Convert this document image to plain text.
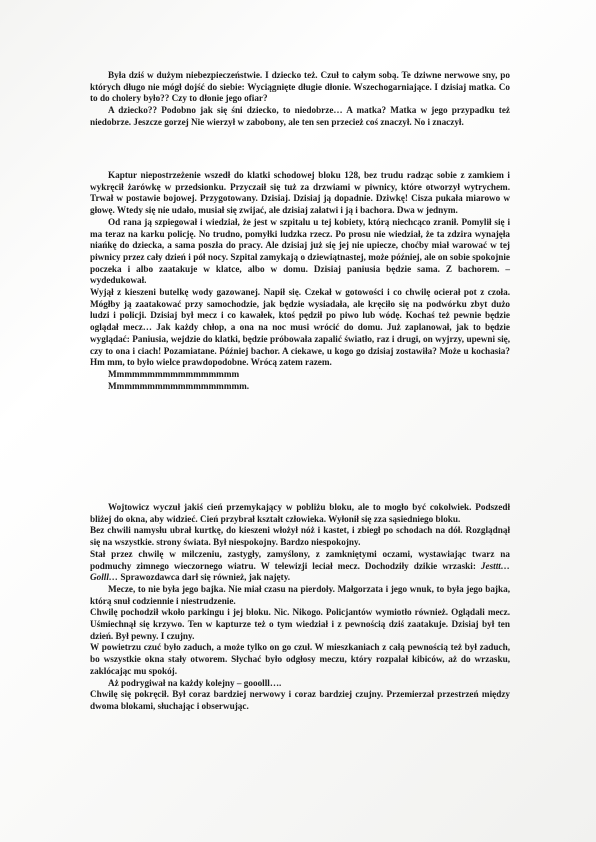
Była dziś w dużym niebezpieczeństwie. I dziecko też. Czuł to całym sobą. Te dziwne nerwowe sny, po których długo nie mógł dojść do siebie: Wyciągnięte długie dłonie. Wszechogarniające. I dzisiaj matka. Co to do cholery było?? Czy to dłonie jego ofiar?

A dziecko?? Podobno jak się śni dziecko, to niedobrze… A matka? Matka w jego przypadku też niedobrze. Jeszcze gorzej Nie wierzył w zabobony, ale ten sen przecież coś znaczył. No i znaczył.

Kaptur niepostrzeżenie wszedł do klatki schodowej bloku 128, bez trudu radząc sobie z zamkiem i wykręcił żarówkę w przedsionku. Przyczaił się tuż za drzwiami w piwnicy, które otworzył wytrychem. Trwał w postawie bojowej. Przygotowany. Dzisiaj. Dzisiaj ją dopadnie. Dziwkę! Cisza pukała miarowo w głowę. Wtedy się nie udało, musiał się zwijać, ale dzisiaj załatwi i ją i bachora. Dwa w jednym.

Od rana ją szpiegował i wiedział, że jest w szpitalu u tej kobiety, którą niechcąco zranił. Pomylił się i ma teraz na karku policję. No trudno, pomyłki ludzka rzecz. Po prosu nie wiedział, że ta zdzira wynajęła niańkę do dziecka, a sama poszła do pracy. Ale dzisiaj już się jej nie upiecze, choćby miał warować w tej piwnicy przez cały dzień i pół nocy. Szpital zamykają o dziewiątnastej, może później, ale on sobie spokojnie poczeka i albo zaatakuje w klatce, albo w domu. Dzisiaj paniusia będzie sama. Z bachorem. – wydedukował.

Wyjął z kieszeni butelkę wody gazowanej. Napił się. Czekał w gotowości i co chwilę ocierał pot z czoła. Mógłby ją zaatakować przy samochodzie, jak będzie wysiadała, ale kręciło się na podwórku zbyt dużo ludzi i policji. Dzisiaj był mecz i co kawałek, ktoś pędził po piwo lub wódę. Kochaś też pewnie będzie oglądał mecz… Jak każdy chłop, a ona na noc musi wrócić do domu. Już zaplanował, jak to będzie wyglądać: Paniusia, wejdzie do klatki, będzie próbowała zapalić światło, raz i drugi, on wyjrzy, upewni się, czy to ona i ciach! Pozamiatane. Później bachor. A ciekawe, u kogo go dzisiaj zostawiła? Może u kochasia? Hm mm, to było wielce prawdopodobne. Wrócą zatem razem.

Mmmmmmmmmmmmmmmmm

Mmmmmmmmmmmmmmmmmm.

Wojtowicz wyczuł jakiś cień przemykający w pobliżu bloku, ale to mogło być cokolwiek. Podszedł bliżej do okna, aby widzieć. Cień przybrał kształt człowieka. Wyłonił się zza sąsiedniego bloku.

Bez chwili namysłu ubrał kurtkę, do kieszeni włożył nóż i kastet, i zbiegł po schodach na dół. Rozglądnął się na wszystkie. strony świata. Był niespokojny. Bardzo niespokojny.

Stał przez chwilę w milczeniu, zastygły, zamyślony, z zamkniętymi oczami, wystawiając twarz na podmuchy zimnego wieczornego wiatru. W telewizji leciał mecz. Dochodziły dzikie wrzaski: Jesttt… Golll… Sprawozdawca darł się również, jak najęty.

Mecze, to nie była jego bajka. Nie miał czasu na pierdoły. Małgorzata i jego wnuk, to była jego bajka, którą snuł codziennie i niestrudzenie.

Chwilę pochodził wkoło parkingu i jej bloku. Nic. Nikogo. Policjantów wymiotło również. Oglądali mecz. Uśmiechnął się krzywo. Ten w kapturze też o tym wiedział i z pewnością dziś zaatakuje. Dzisiaj był ten dzień. Był pewny. I czujny.

W powietrzu czuć było zaduch, a może tylko on go czuł. W mieszkaniach z całą pewnością też był zaduch, bo wszystkie okna stały otworem. Słychać było odgłosy meczu, który rozpalał kibiców, aż do wrzasku, zaklócając mu spokój.

Aż podrygiwał na każdy kolejny – gooolll….

Chwilę się pokręcił. Był coraz bardziej nerwowy i coraz bardziej czujny. Przemierzał przestrzeń między dwoma blokami, słuchając i obserwując.
